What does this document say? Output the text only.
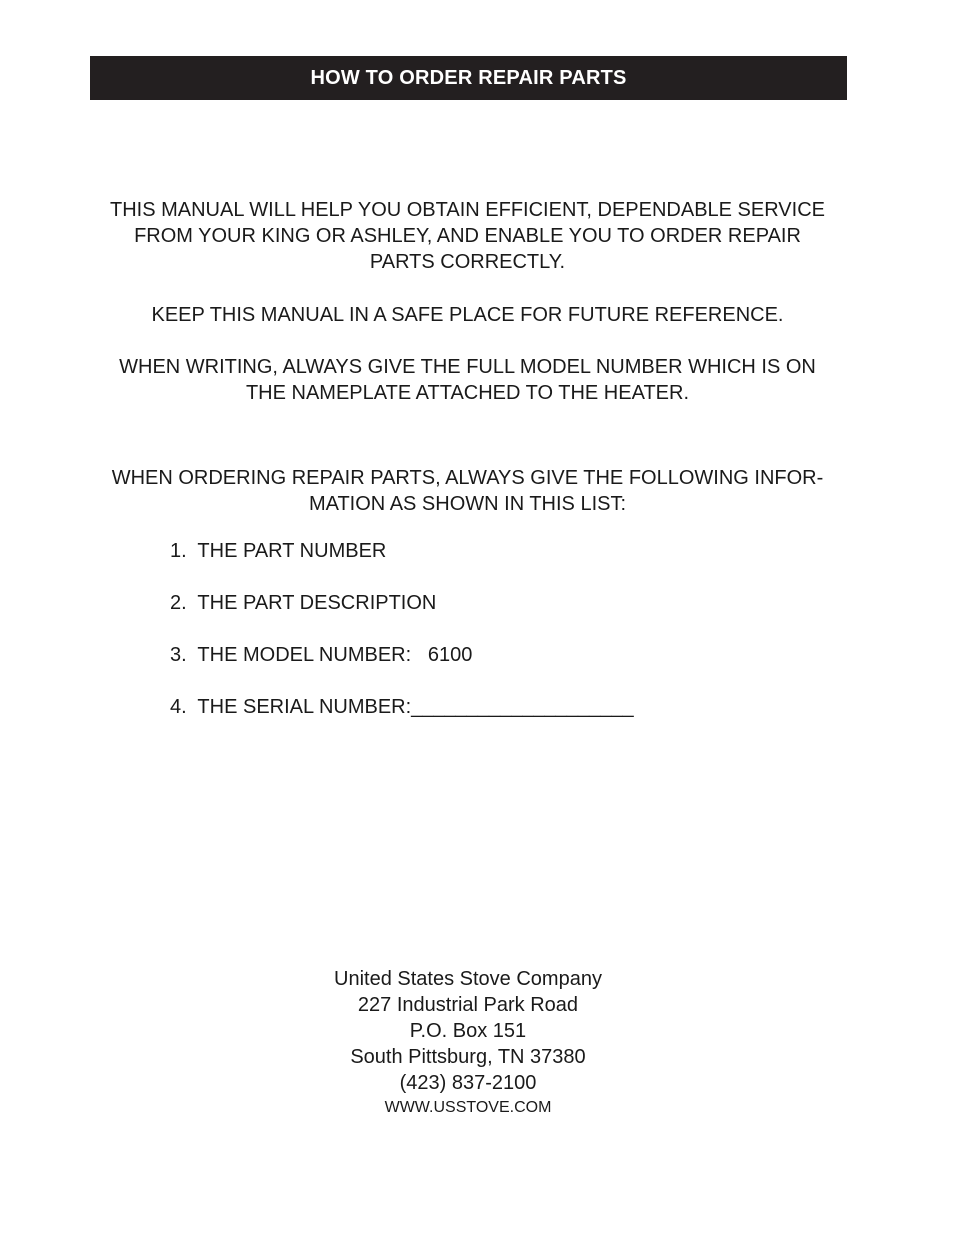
HOW TO ORDER REPAIR PARTS

THIS MANUAL WILL HELP YOU OBTAIN EFFICIENT, DEPENDABLE SERVICE
FROM YOUR KING OR ASHLEY, AND ENABLE YOU TO ORDER REPAIR
PARTS CORRECTLY.

KEEP THIS MANUAL IN A SAFE PLACE FOR FUTURE REFERENCE.

WHEN WRITING, ALWAYS GIVE THE FULL MODEL NUMBER WHICH IS ON
THE NAMEPLATE ATTACHED TO THE HEATER.

WHEN ORDERING REPAIR PARTS, ALWAYS GIVE THE FOLLOWING INFOR-
MATION AS SHOWN IN THIS LIST:

1.  THE PART NUMBER
2.  THE PART DESCRIPTION
3.  THE MODEL NUMBER:   6100
4.  THE SERIAL NUMBER:____________________
United States Stove Company
227 Industrial Park Road
P.O. Box 151
South Pittsburg, TN 37380
(423) 837-2100
WWW.USSTOVE.COM
